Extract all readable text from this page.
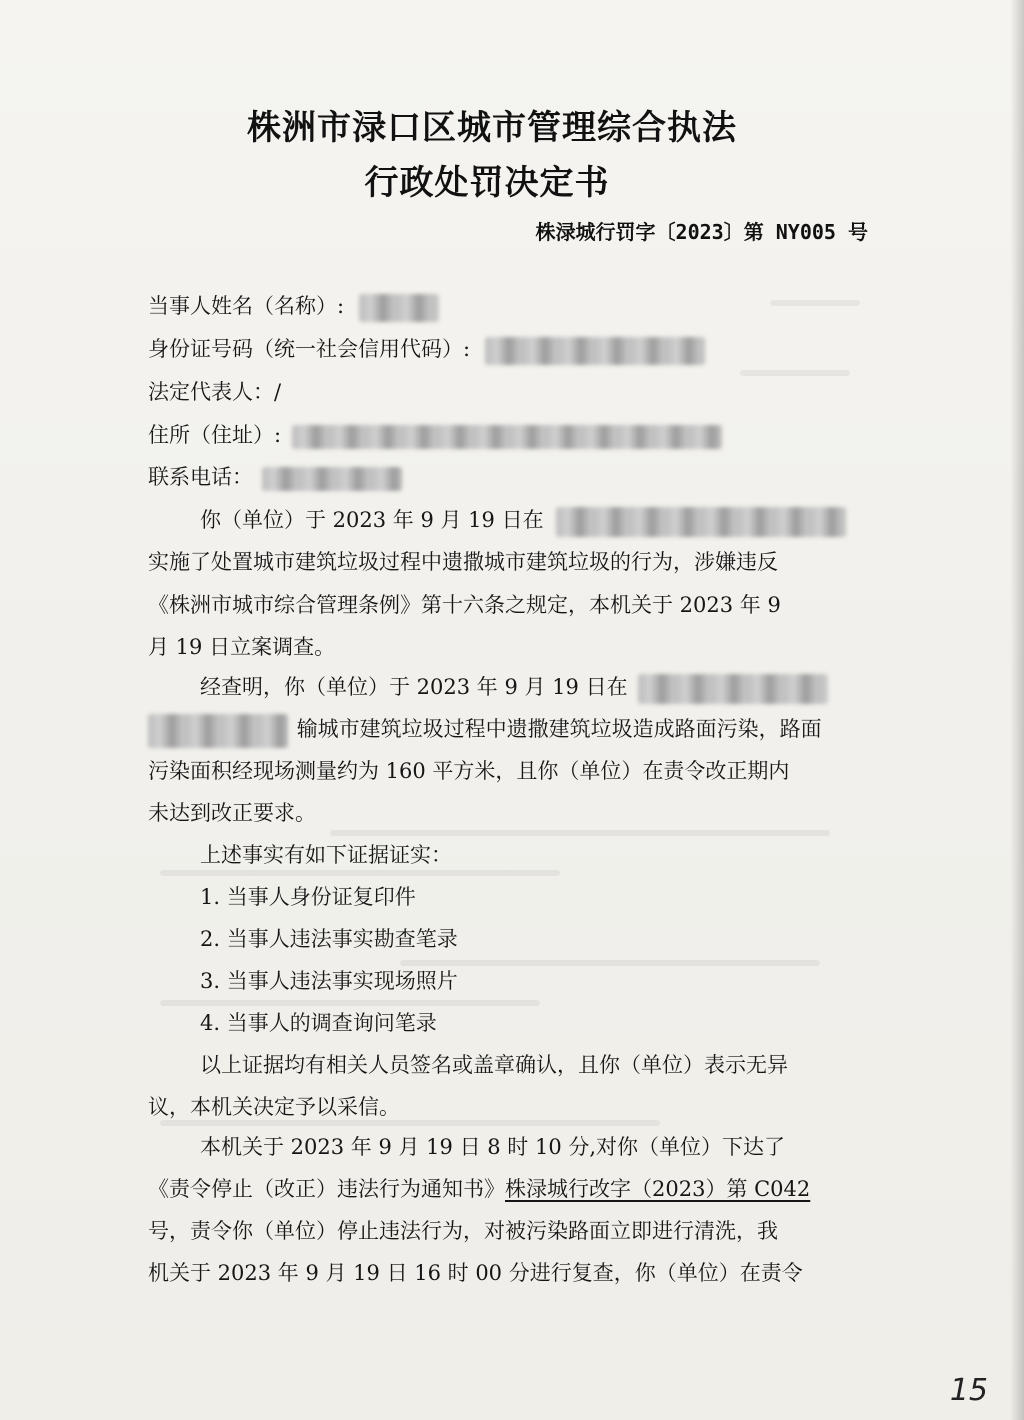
株洲市渌口区城市管理综合执法
行政处罚决定书
株渌城行罚字〔2023〕第 NY005 号
当事人姓名（名称）:
身份证号码（统一社会信用代码）:
法定代表人：/
住所（住址）:
联系电话：
你（单位）于 2023 年 9 月 19 日在
实施了处置城市建筑垃圾过程中遗撒城市建筑垃圾的行为，涉嫌违反
《株洲市城市综合管理条例》第十六条之规定，本机关于 2023 年 9
月 19 日立案调查。
经查明，你（单位）于 2023 年 9 月 19 日在
输城市建筑垃圾过程中遗撒建筑垃圾造成路面污染，路面
污染面积经现场测量约为 160 平方米，且你（单位）在责令改正期内
未达到改正要求。
上述事实有如下证据证实：
1. 当事人身份证复印件
2. 当事人违法事实勘查笔录
3. 当事人违法事实现场照片
4. 当事人的调查询问笔录
以上证据均有相关人员签名或盖章确认，且你（单位）表示无异
议，本机关决定予以采信。
本机关于 2023 年 9 月 19 日 8 时 10 分,对你（单位）下达了
《责令停止（改正）违法行为通知书》株渌城行改字（2023）第 C042
号，责令你（单位）停止违法行为，对被污染路面立即进行清洗，我
机关于 2023 年 9 月 19 日 16 时 00 分进行复查，你（单位）在责令
15
